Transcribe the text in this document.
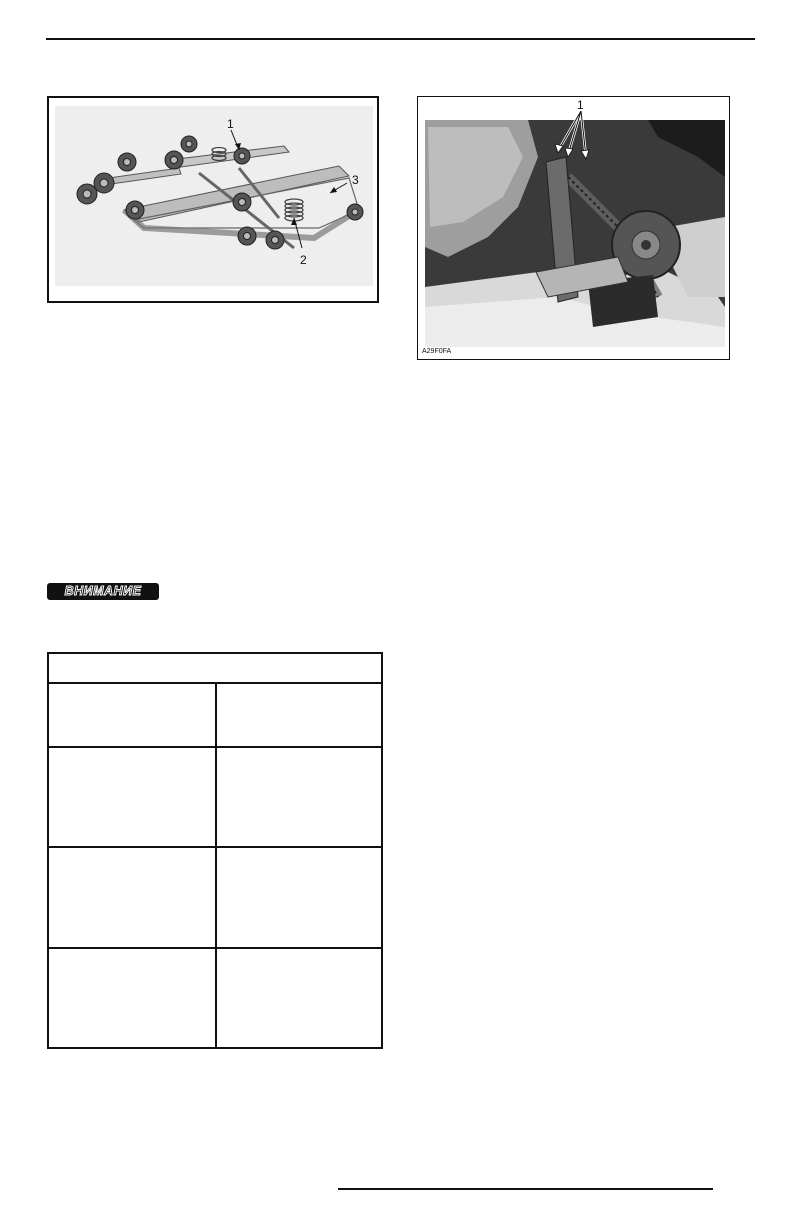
1
2
3
1
A29F0FA
ВНИМАНИЕ
